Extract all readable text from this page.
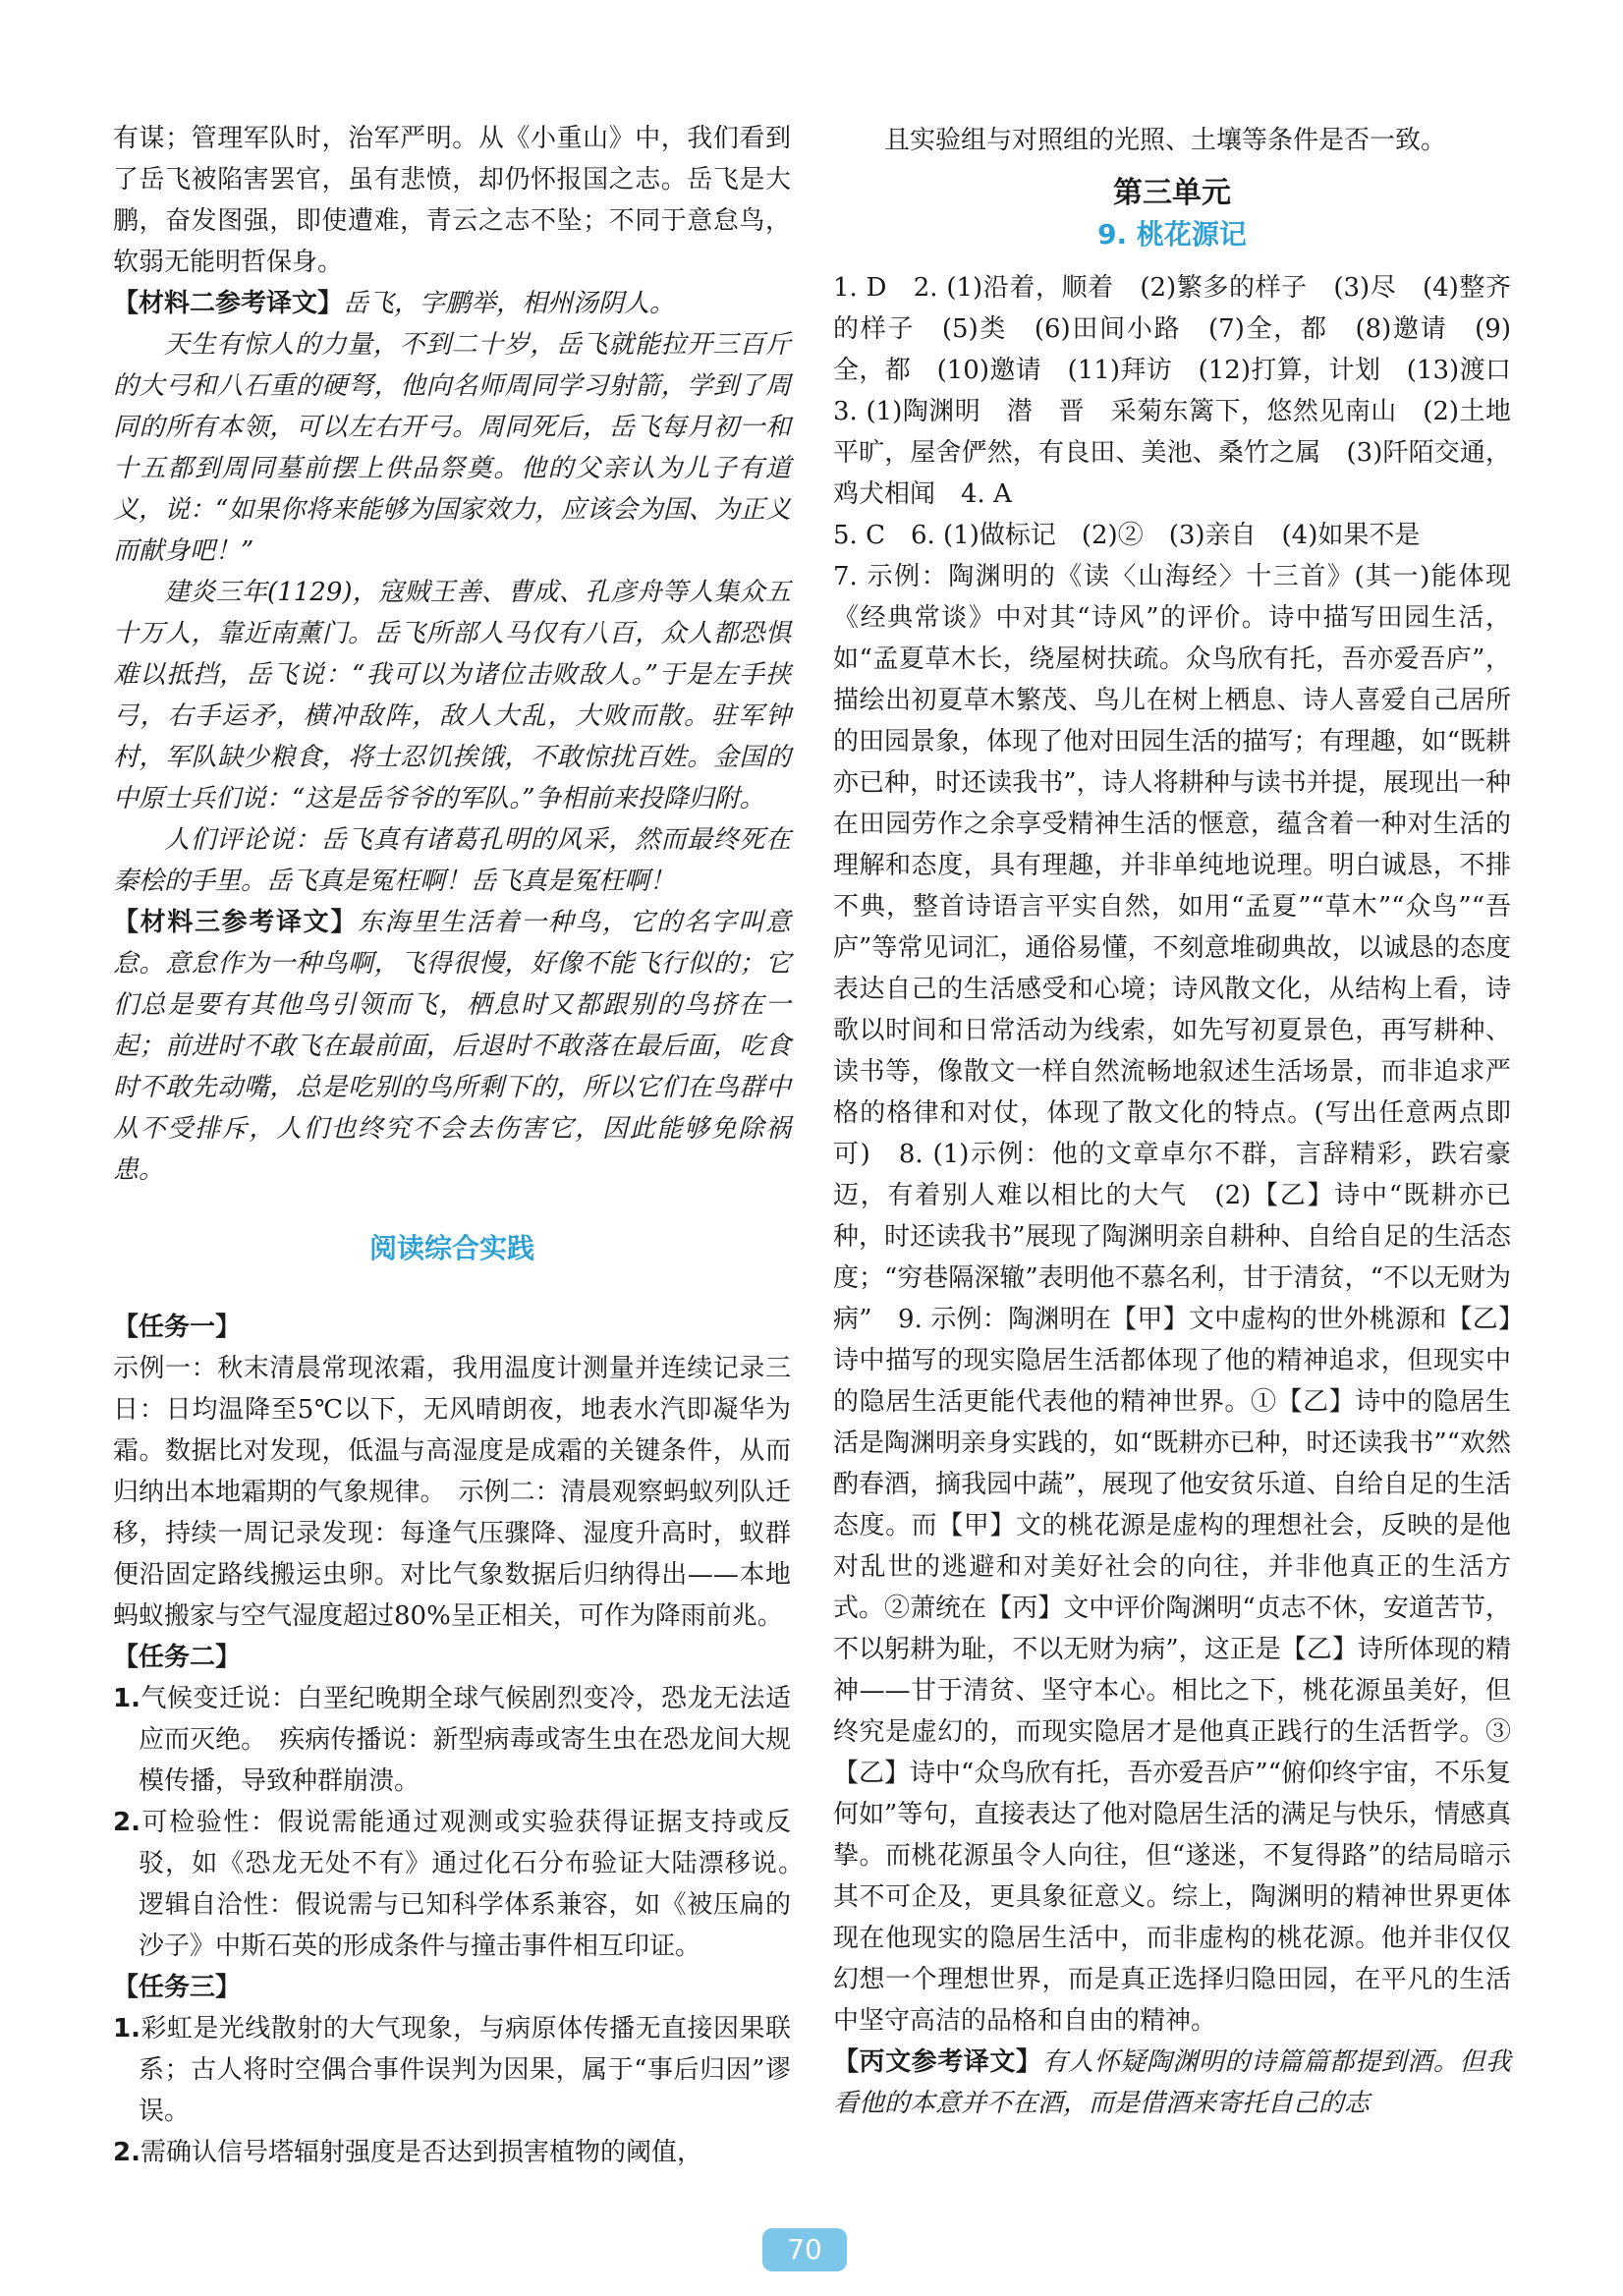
有谋；管理军队时，治军严明。从《小重山》中，我们看到了岳飞被陷害罢官，虽有悲愤，却仍怀报国之志。岳飞是大鹏，奋发图强，即使遭难，青云之志不坠；不同于意怠鸟，软弱无能明哲保身。

【材料二参考译文】岳飞，字鹏举，相州汤阴人。

天生有惊人的力量，不到二十岁，岳飞就能拉开三百斤的大弓和八石重的硬弩，他向名师周同学习射箭，学到了周同的所有本领，可以左右开弓。周同死后，岳飞每月初一和十五都到周同墓前摆上供品祭奠。他的父亲认为儿子有道义，说：“如果你将来能够为国家效力，应该会为国、为正义而献身吧！”

建炎三年(1129)，寇贼王善、曹成、孔彦舟等人集众五十万人，靠近南薰门。岳飞所部人马仅有八百，众人都恐惧难以抵挡，岳飞说：“我可以为诸位击败敌人。”于是左手挟弓，右手运矛，横冲敌阵，敌人大乱，大败而散。驻军钟村，军队缺少粮食，将士忍饥挨饿，不敢惊扰百姓。金国的中原士兵们说：“这是岳爷爷的军队。”争相前来投降归附。

人们评论说：岳飞真有诸葛孔明的风采，然而最终死在秦桧的手里。岳飞真是冤枉啊！岳飞真是冤枉啊！

【材料三参考译文】东海里生活着一种鸟，它的名字叫意怠。意怠作为一种鸟啊，飞得很慢，好像不能飞行似的；它们总是要有其他鸟引领而飞，栖息时又都跟别的鸟挤在一起；前进时不敢飞在最前面，后退时不敢落在最后面，吃食时不敢先动嘴，总是吃别的鸟所剩下的，所以它们在鸟群中从不受排斥，人们也终究不会去伤害它，因此能够免除祸患。

阅读综合实践

【任务一】

示例一：秋末清晨常现浓霜，我用温度计测量并连续记录三日：日均温降至5℃以下，无风晴朗夜，地表水汽即凝华为霜。数据比对发现，低温与高湿度是成霜的关键条件，从而归纳出本地霜期的气象规律。　示例二：清晨观察蚂蚁列队迁移，持续一周记录发现：每逢气压骤降、湿度升高时，蚁群便沿固定路线搬运虫卵。对比气象数据后归纳得出——本地蚂蚁搬家与空气湿度超过80%呈正相关，可作为降雨前兆。

【任务二】

1.气候变迁说：白垩纪晚期全球气候剧烈变冷，恐龙无法适应而灭绝。　疾病传播说：新型病毒或寄生虫在恐龙间大规模传播，导致种群崩溃。

2.可检验性：假说需能通过观测或实验获得证据支持或反驳，如《恐龙无处不有》通过化石分布验证大陆漂移说。　逻辑自洽性：假说需与已知科学体系兼容，如《被压扁的沙子》中斯石英的形成条件与撞击事件相互印证。

【任务三】

1.彩虹是光线散射的大气现象，与病原体传播无直接因果联系；古人将时空偶合事件误判为因果，属于“事后归因”谬误。

2.需确认信号塔辐射强度是否达到损害植物的阈值，

且实验组与对照组的光照、土壤等条件是否一致。

第三单元

9. 桃花源记

1. D　2. (1)沿着，顺着　(2)繁多的样子　(3)尽　(4)整齐的样子　(5)类　(6)田间小路　(7)全，都　(8)邀请　(9)全，都　(10)邀请　(11)拜访　(12)打算，计划　(13)渡口　3. (1)陶渊明　潜　晋　采菊东篱下，悠然见南山　(2)土地平旷，屋舍俨然，有良田、美池、桑竹之属　(3)阡陌交通，鸡犬相闻　4. A

5. C　6. (1)做标记　(2)②　(3)亲自　(4)如果不是

7. 示例：陶渊明的《读〈山海经〉十三首》(其一)能体现《经典常谈》中对其“诗风”的评价。诗中描写田园生活，如“孟夏草木长，绕屋树扶疏。众鸟欣有托，吾亦爱吾庐”，描绘出初夏草木繁茂、鸟儿在树上栖息、诗人喜爱自己居所的田园景象，体现了他对田园生活的描写；有理趣，如“既耕亦已种，时还读我书”，诗人将耕种与读书并提，展现出一种在田园劳作之余享受精神生活的惬意，蕴含着一种对生活的理解和态度，具有理趣，并非单纯地说理。明白诚恳，不排不典，整首诗语言平实自然，如用“孟夏”“草木”“众鸟”“吾庐”等常见词汇，通俗易懂，不刻意堆砌典故，以诚恳的态度表达自己的生活感受和心境；诗风散文化，从结构上看，诗歌以时间和日常活动为线索，如先写初夏景色，再写耕种、读书等，像散文一样自然流畅地叙述生活场景，而非追求严格的格律和对仗，体现了散文化的特点。(写出任意两点即可)　8. (1)示例：他的文章卓尔不群，言辞精彩，跌宕豪迈，有着别人难以相比的大气　(2)【乙】诗中“既耕亦已种，时还读我书”展现了陶渊明亲自耕种、自给自足的生活态度；“穷巷隔深辙”表明他不慕名利，甘于清贫，“不以无财为病”　9. 示例：陶渊明在【甲】文中虚构的世外桃源和【乙】诗中描写的现实隐居生活都体现了他的精神追求，但现实中的隐居生活更能代表他的精神世界。①【乙】诗中的隐居生活是陶渊明亲身实践的，如“既耕亦已种，时还读我书”“欢然酌春酒，摘我园中蔬”，展现了他安贫乐道、自给自足的生活态度。而【甲】文的桃花源是虚构的理想社会，反映的是他对乱世的逃避和对美好社会的向往，并非他真正的生活方式。②萧统在【丙】文中评价陶渊明“贞志不休，安道苦节，不以躬耕为耻，不以无财为病”，这正是【乙】诗所体现的精神——甘于清贫、坚守本心。相比之下，桃花源虽美好，但终究是虚幻的，而现实隐居才是他真正践行的生活哲学。③【乙】诗中“众鸟欣有托，吾亦爱吾庐”“俯仰终宇宙，不乐复何如”等句，直接表达了他对隐居生活的满足与快乐，情感真挚。而桃花源虽令人向往，但“遂迷，不复得路”的结局暗示其不可企及，更具象征意义。综上，陶渊明的精神世界更体现在他现实的隐居生活中，而非虚构的桃花源。他并非仅仅幻想一个理想世界，而是真正选择归隐田园，在平凡的生活中坚守高洁的品格和自由的精神。

【丙文参考译文】有人怀疑陶渊明的诗篇篇都提到酒。但我看他的本意并不在酒，而是借酒来寄托自己的志

70
